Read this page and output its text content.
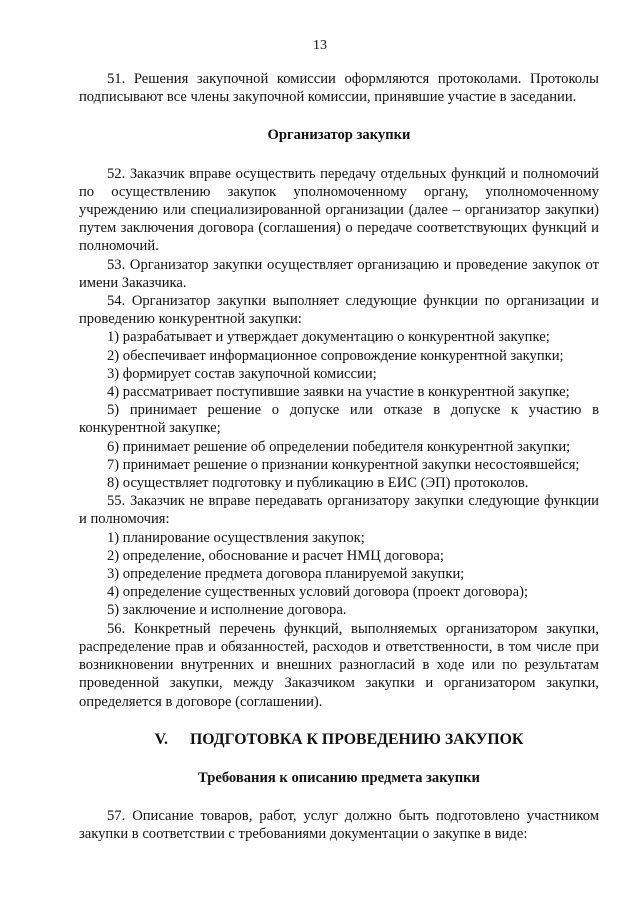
13

51. Решения закупочной комиссии оформляются протоколами. Протоколы подписывают все члены закупочной комиссии, принявшие участие в заседании.

Организатор закупки

52. Заказчик вправе осуществить передачу отдельных функций и полномочий по осуществлению закупок уполномоченному органу, уполномоченному учреждению или специализированной организации (далее – организатор закупки) путем заключения договора (соглашения) о передаче соответствующих функций и полномочий.

53. Организатор закупки осуществляет организацию и проведение закупок от имени Заказчика.

54. Организатор закупки выполняет следующие функции по организации и проведению конкурентной закупки:

1) разрабатывает и утверждает документацию о конкурентной закупке;

2) обеспечивает информационное сопровождение конкурентной закупки;

3) формирует состав закупочной комиссии;

4) рассматривает поступившие заявки на участие в конкурентной закупке;

5) принимает решение о допуске или отказе в допуске к участию в конкурентной закупке;

6) принимает решение об определении победителя конкурентной закупки;

7) принимает решение о признании конкурентной закупки несостоявшейся;

8) осуществляет подготовку и публикацию в ЕИС (ЭП) протоколов.

55. Заказчик не вправе передавать организатору закупки следующие функции и полномочия:

1) планирование осуществления закупок;

2) определение, обоснование и расчет НМЦ договора;

3) определение предмета договора планируемой закупки;

4) определение существенных условий договора (проект договора);

5) заключение и исполнение договора.

56. Конкретный перечень функций, выполняемых организатором закупки, распределение прав и обязанностей, расходов и ответственности, в том числе при возникновении внутренних и внешних разногласий в ходе или по результатам проведенной закупки, между Заказчиком закупки и организатором закупки, определяется в договоре (соглашении).

V. ПОДГОТОВКА К ПРОВЕДЕНИЮ ЗАКУПОК

Требования к описанию предмета закупки

57. Описание товаров, работ, услуг должно быть подготовлено участником закупки в соответствии с требованиями документации о закупке в виде:
